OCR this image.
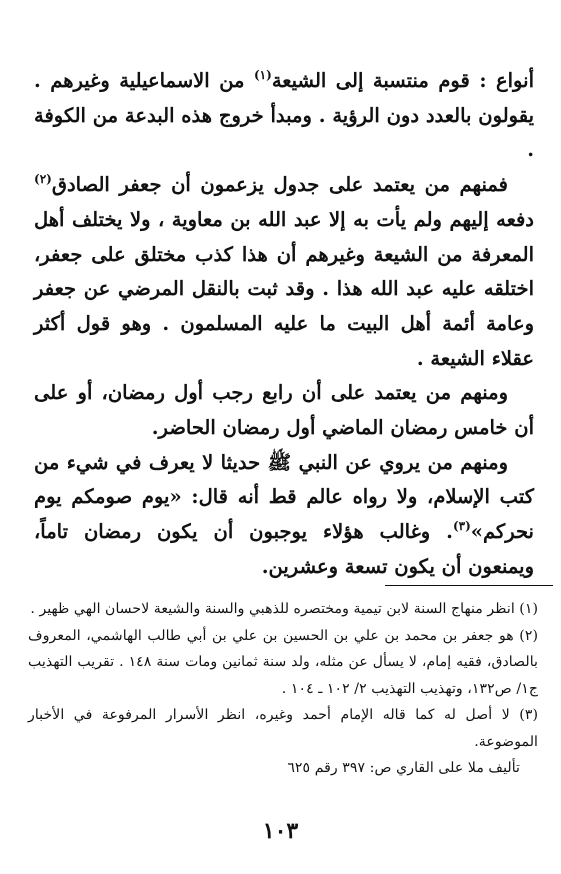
أنواع : قوم منتسبة إلى الشيعة$^{(١)}$ من الاسماعيلية وغيرهم . يقولون بالعدد دون الرؤية . ومبدأ خروج هذه البدعة من الكوفة .

فمنهم من يعتمد على جدول يزعمون أن جعفر الصادق$^{(٢)}$ دفعه إليهم ولم يأت به إلا عبد الله بن معاوية ، ولا يختلف أهل المعرفة من الشيعة وغيرهم أن هذا كذب مختلق على جعفر، اختلقه عليه عبد الله هذا . وقد ثبت بالنقل المرضي عن جعفر وعامة أئمة أهل البيت ما عليه المسلمون . وهو قول أكثر عقلاء الشيعة .

ومنهم من يعتمد على أن رابع رجب أول رمضان، أو على أن خامس رمضان الماضي أول رمضان الحاضر.

ومنهم من يروي عن النبي ﷺ حديثا لا يعرف في شيء من كتب الإسلام، ولا رواه عالم قط أنه قال: «يوم صومكم يوم نحركم»$^{(٣)}$. وغالب هؤلاء يوجبون أن يكون رمضان تاماً، ويمنعون أن يكون تسعة وعشرين.

(١) انظر منهاج السنة لابن تيمية ومختصره للذهبي والسنة والشيعة لاحسان الهي ظهير .

(٢) هو جعفر بن محمد بن علي بن الحسين بن علي بن أبي طالب الهاشمي، المعروف بالصادق، فقيه إمام، لا يسأل عن مثله، ولد سنة ثمانين ومات سنة ١٤٨ . تقريب التهذيب ج١/ ص١٣٢، وتهذيب التهذيب ٢/ ١٠٢ ـ ١٠٤ .

(٣) لا أصل له كما قاله الإمام أحمد وغيره، انظر الأسرار المرفوعة في الأخبار الموضوعة.

تأليف ملا على القاري ص: ٣٩٧ رقم ٦٢٥

١٠٣
